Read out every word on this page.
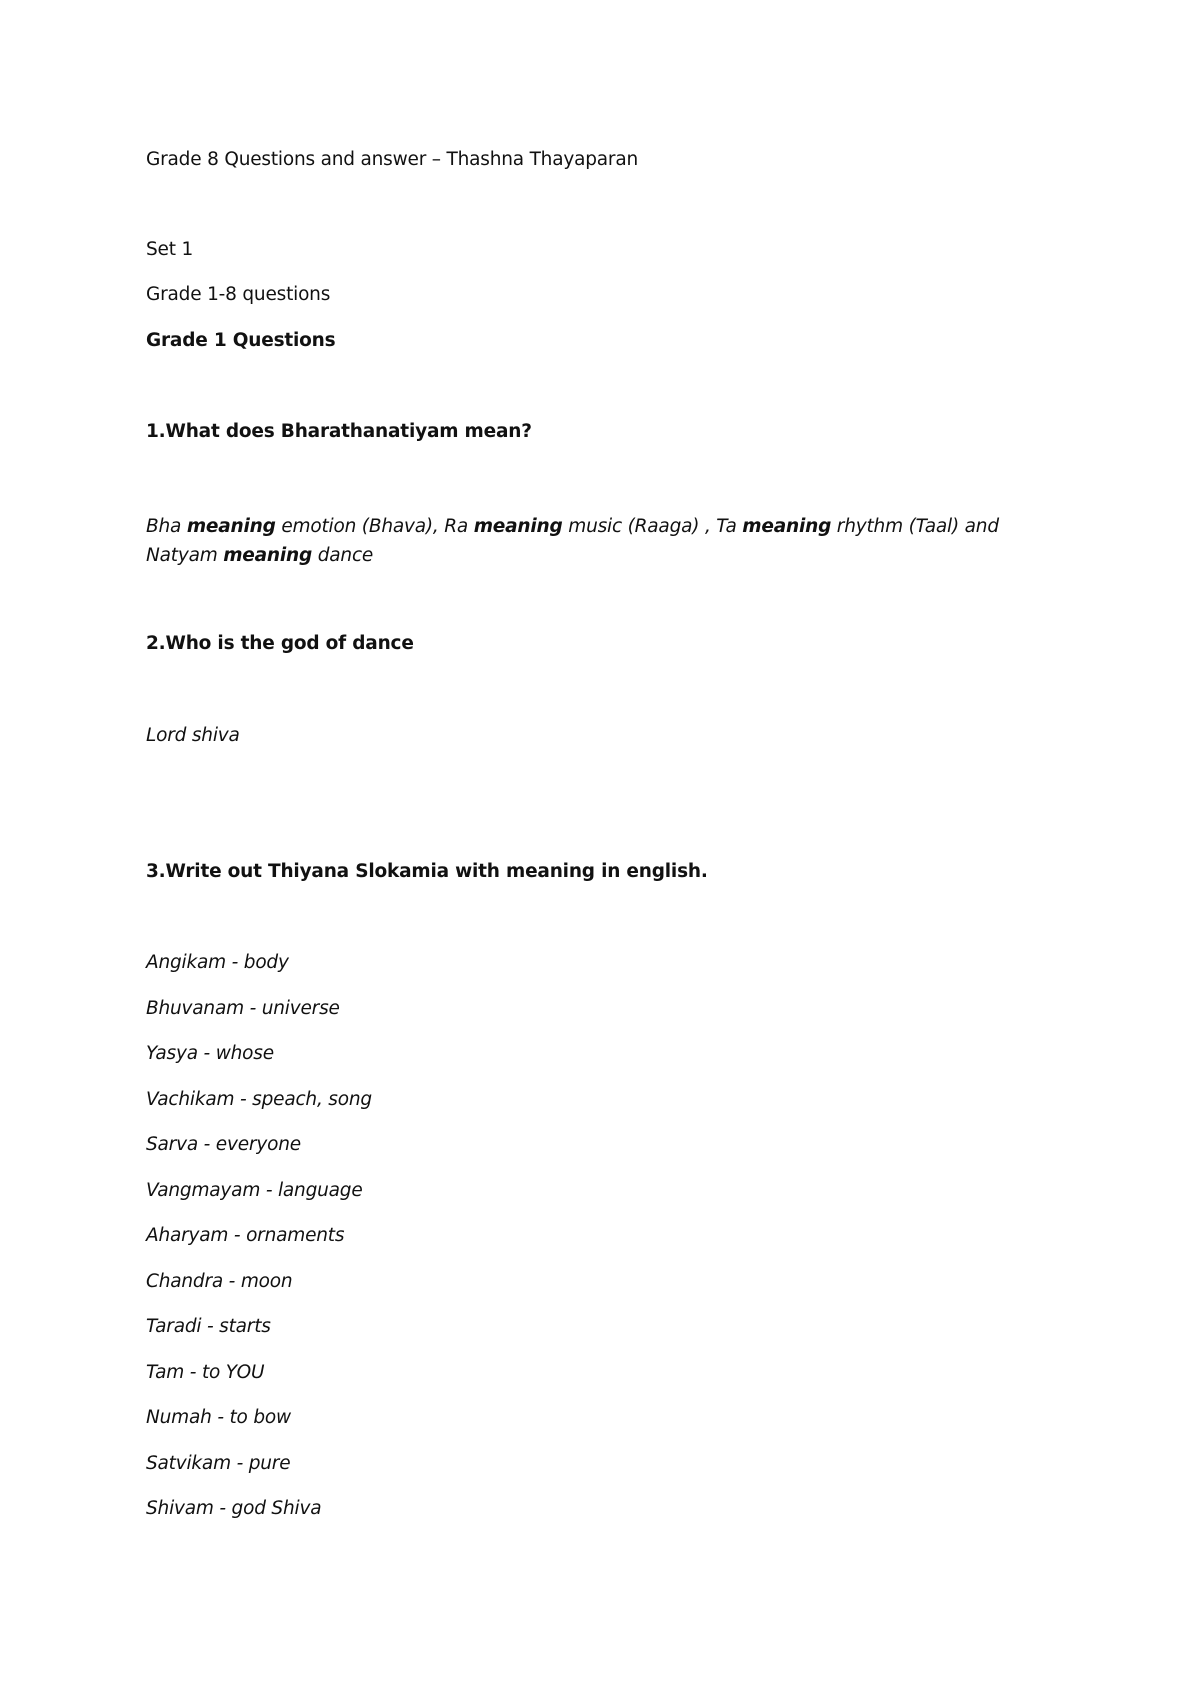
Grade 8 Questions and answer – Thashna Thayaparan

Set 1

Grade 1-8 questions

Grade 1 Questions

1.What does Bharathanatiyam mean?

Bha meaning emotion (Bhava), Ra meaning music (Raaga) , Ta meaning rhythm (Taal) and Natyam meaning dance

2.Who is the god of dance

Lord shiva

3.Write out Thiyana Slokamia with meaning in english.

Angikam - body

Bhuvanam - universe

Yasya - whose

Vachikam - speach, song

Sarva - everyone

Vangmayam - language

Aharyam - ornaments

Chandra - moon

Taradi - starts

Tam - to YOU

Numah - to bow

Satvikam - pure

Shivam - god Shiva
